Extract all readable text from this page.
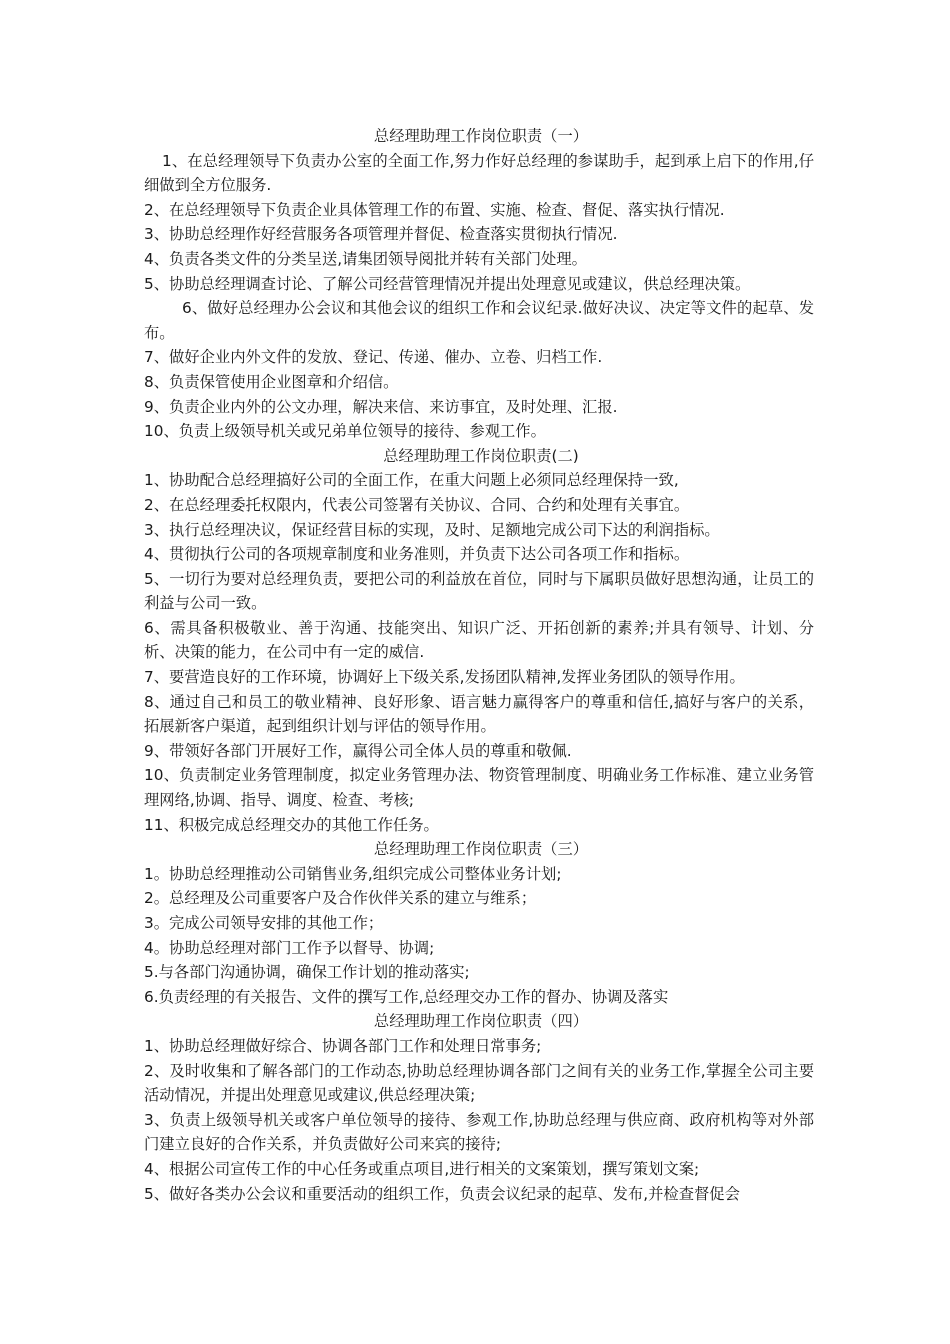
总经理助理工作岗位职责（一）

1、在总经理领导下负责办公室的全面工作,努力作好总经理的参谋助手，起到承上启下的作用,仔细做到全方位服务.

2、在总经理领导下负责企业具体管理工作的布置、实施、检查、督促、落实执行情况.

3、协助总经理作好经营服务各项管理并督促、检查落实贯彻执行情况.

4、负责各类文件的分类呈送,请集团领导阅批并转有关部门处理。

5、协助总经理调查讨论、了解公司经营管理情况并提出处理意见或建议，供总经理决策。

6、做好总经理办公会议和其他会议的组织工作和会议纪录.做好决议、决定等文件的起草、发布。

7、做好企业内外文件的发放、登记、传递、催办、立卷、归档工作.

8、负责保管使用企业图章和介绍信。

9、负责企业内外的公文办理，解决来信、来访事宜，及时处理、汇报.

10、负责上级领导机关或兄弟单位领导的接待、参观工作。

总经理助理工作岗位职责(二)

1、协助配合总经理搞好公司的全面工作，在重大问题上必须同总经理保持一致,

2、在总经理委托权限内，代表公司签署有关协议、合同、合约和处理有关事宜。

3、执行总经理决议，保证经营目标的实现，及时、足额地完成公司下达的利润指标。

4、贯彻执行公司的各项规章制度和业务准则，并负责下达公司各项工作和指标。

5、一切行为要对总经理负责，要把公司的利益放在首位，同时与下属职员做好思想沟通，让员工的利益与公司一致。

6、需具备积极敬业、善于沟通、技能突出、知识广泛、开拓创新的素养;并具有领导、计划、分析、决策的能力，在公司中有一定的威信.

7、要营造良好的工作环境，协调好上下级关系,发扬团队精神,发挥业务团队的领导作用。

8、通过自己和员工的敬业精神、良好形象、语言魅力赢得客户的尊重和信任,搞好与客户的关系，拓展新客户渠道，起到组织计划与评估的领导作用。

9、带领好各部门开展好工作，赢得公司全体人员的尊重和敬佩.

10、负责制定业务管理制度，拟定业务管理办法、物资管理制度、明确业务工作标准、建立业务管理网络,协调、指导、调度、检查、考核;

11、积极完成总经理交办的其他工作任务。

总经理助理工作岗位职责（三）

1。协助总经理推动公司销售业务,组织完成公司整体业务计划;

2。总经理及公司重要客户及合作伙伴关系的建立与维系；

3。完成公司领导安排的其他工作；

4。协助总经理对部门工作予以督导、协调;

5.与各部门沟通协调，确保工作计划的推动落实;

6.负责经理的有关报告、文件的撰写工作,总经理交办工作的督办、协调及落实

总经理助理工作岗位职责（四）

1、协助总经理做好综合、协调各部门工作和处理日常事务;

2、及时收集和了解各部门的工作动态,协助总经理协调各部门之间有关的业务工作,掌握全公司主要活动情况，并提出处理意见或建议,供总经理决策;

3、负责上级领导机关或客户单位领导的接待、参观工作,协助总经理与供应商、政府机构等对外部门建立良好的合作关系，并负责做好公司来宾的接待;

4、根据公司宣传工作的中心任务或重点项目,进行相关的文案策划，撰写策划文案;

5、做好各类办公会议和重要活动的组织工作，负责会议纪录的起草、发布,并检查督促会
